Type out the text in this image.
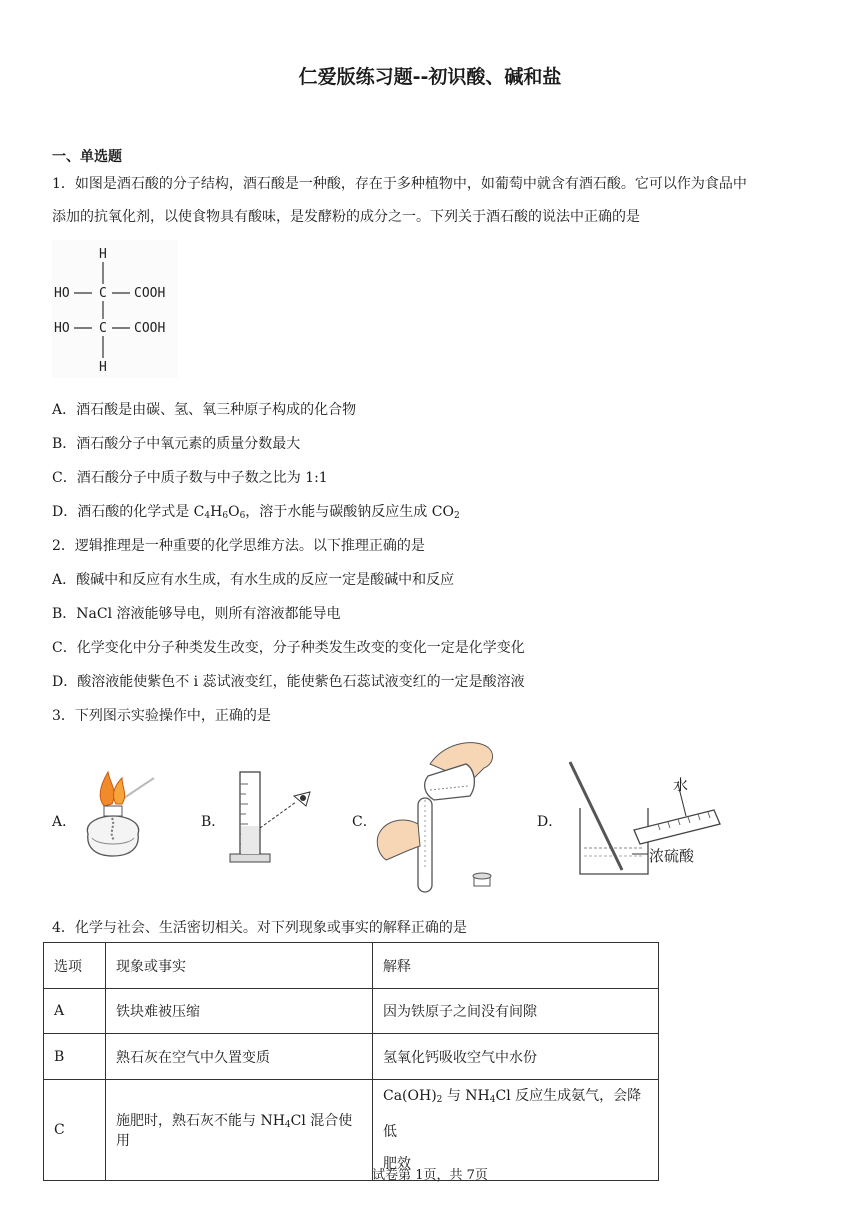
仁爱版练习题--初识酸、碱和盐
一、单选题
1．如图是酒石酸的分子结构，酒石酸是一种酸，存在于多种植物中，如葡萄中就含有酒石酸。它可以作为食品中
添加的抗氧化剂，以使食物具有酸味，是发酵粉的成分之一。下列关于酒石酸的说法中正确的是
H
HO C COOH
HO C COOH
H
A．酒石酸是由碳、氢、氧三种原子构成的化合物
B．酒石酸分子中氧元素的质量分数最大
C．酒石酸分子中质子数与中子数之比为 1:1
D．酒石酸的化学式是 $C_4H_6O_6$，溶于水能与碳酸钠反应生成 $CO_2$
2．逻辑推理是一种重要的化学思维方法。以下推理正确的是
A．酸碱中和反应有水生成，有水生成的反应一定是酸碱中和反应
B．NaCl 溶液能够导电，则所有溶液都能导电
C．化学变化中分子种类发生改变，分子种类发生改变的变化一定是化学变化
D．酸溶液能使紫色不 i 蕊试液变红，能使紫色石蕊试液变红的一定是酸溶液
3．下列图示实验操作中，正确的是
A．	B．	C．	D．
水
浓硫酸
4．化学与社会、生活密切相关。对下列现象或事实的解释正确的是
选项	现象或事实	解释
A	铁块难被压缩	因为铁原子之间没有间隙
B	熟石灰在空气中久置变质	氢氧化钙吸收空气中水份
C	施肥时，熟石灰不能与 $NH_4Cl$ 混合使用	$Ca(OH)_2$ 与 $NH_4Cl$ 反应生成氨气，会降低
肥效
试卷第 1页，共 7页
